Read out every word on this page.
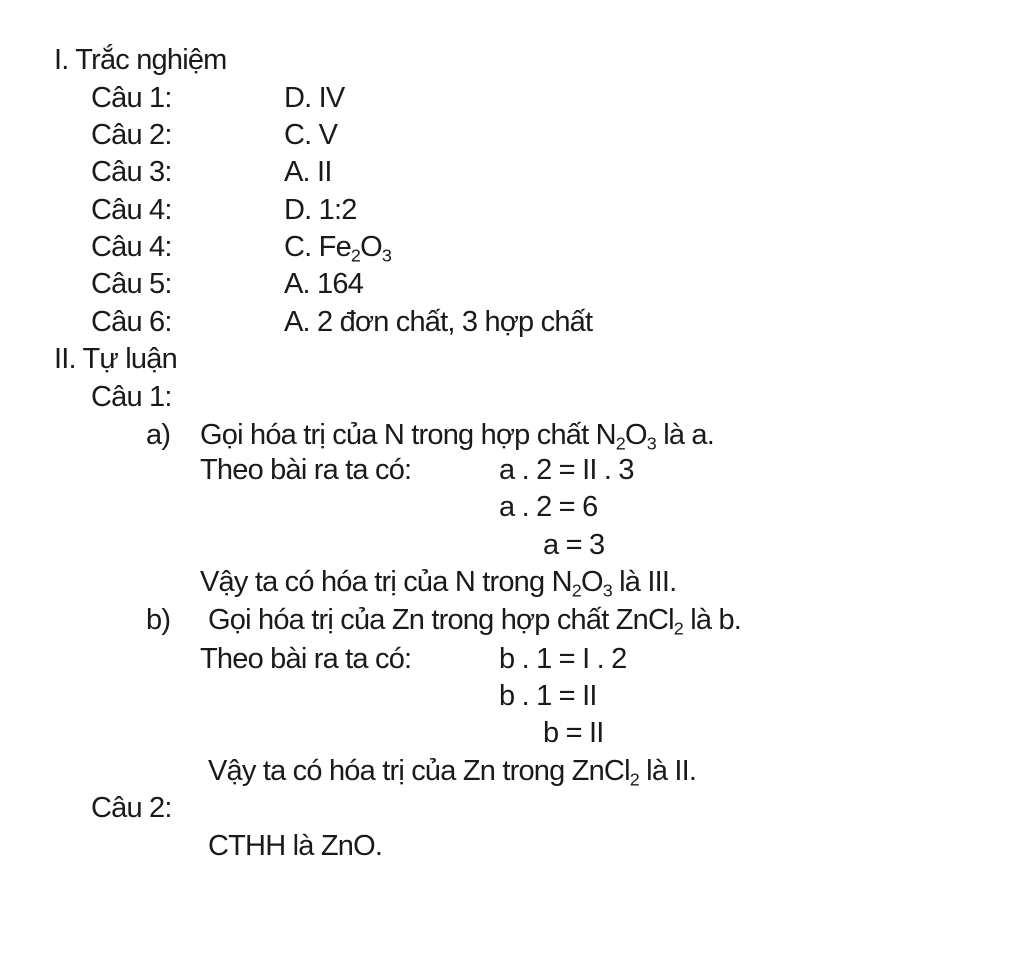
I. Trắc nghiệm
Câu 1:	D. IV
Câu 2:	C. V
Câu 3:	A. II
Câu 4:	D. 1:2
Câu 4:	C. $Fe_2O_3$
Câu 5:	A. 164
Câu 6:	A. 2 đơn chất, 3 hợp chất
II. Tự luận
Câu 1:
a) Gọi hóa trị của N trong hợp chất $N_2O_3$ là a.
Theo bài ra ta có:	a . 2 = II . 3
a . 2 = 6
a = 3
Vậy ta có hóa trị của N trong $N_2O_3$ là III.
b) Gọi hóa trị của Zn trong hợp chất ZnCl$_2$ là b.
Theo bài ra ta có:	b . 1 = I . 2
b . 1 = II
b = II
Vậy ta có hóa trị của Zn trong ZnCl$_2$ là II.
Câu 2:
CTHH là ZnO.
